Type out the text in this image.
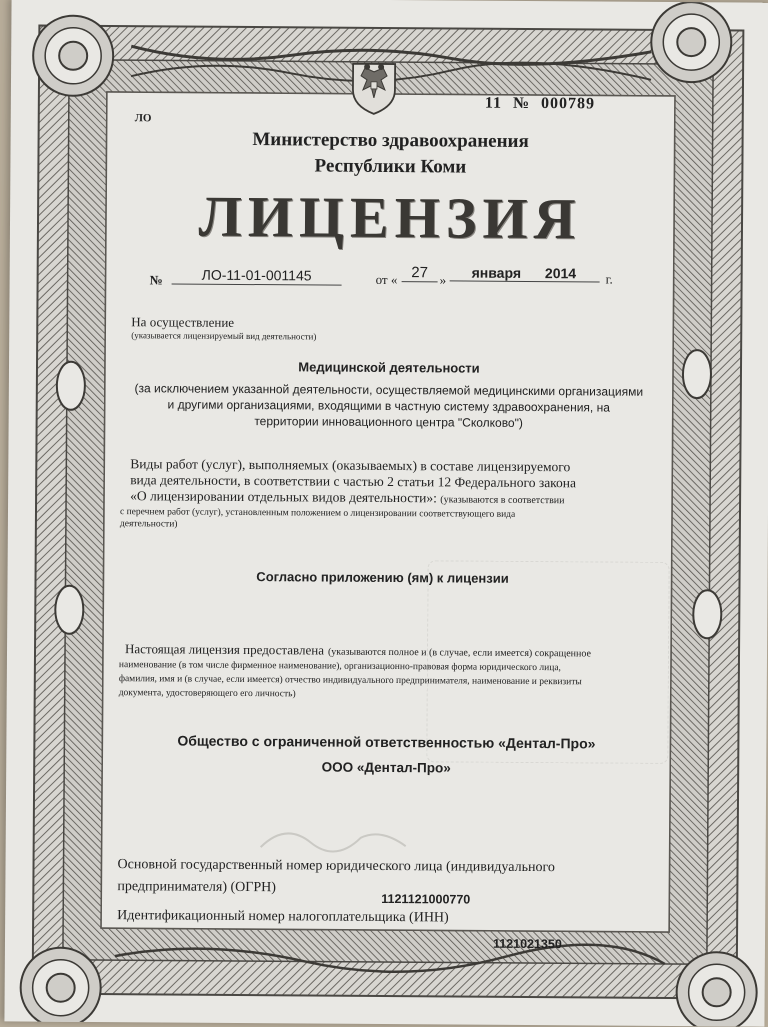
ЛО
11 № 000789
Министерство здравоохранения
Республики Коми
ЛИЦЕНЗИЯ
№	ЛО-11-01-001145	от « 27 »	января 2014	г.
На осуществление
(указывается лицензируемый вид деятельности)
Медицинской деятельности
(за исключением указанной деятельности, осуществляемой медицинскими организациями
и другими организациями, входящими в частную систему здравоохранения, на
территории инновационного центра "Сколково")
Виды работ (услуг), выполняемых (оказываемых) в составе лицензируемого
вида деятельности, в соответствии с частью 2 статьи 12 Федерального закона
«О лицензировании отдельных видов деятельности»: (указываются в соответствии
с перечнем работ (услуг), установленным положением о лицензировании соответствующего вида
деятельности)
Согласно приложению (ям) к лицензии
Настоящая лицензия предоставлена (указываются полное и (в случае, если имеется) сокращенное
наименование (в том числе фирменное наименование), организационно-правовая форма юридического лица,
фамилия, имя и (в случае, если имеется) отчество индивидуального предпринимателя, наименование и реквизиты
документа, удостоверяющего его личность)
Общество с ограниченной ответственностью «Дентал-Про»
ООО «Дентал-Про»
Основной государственный номер юридического лица (индивидуального
предпринимателя) (ОГРН)
1121121000770
Идентификационный номер налогоплательщика (ИНН)
1121021350
